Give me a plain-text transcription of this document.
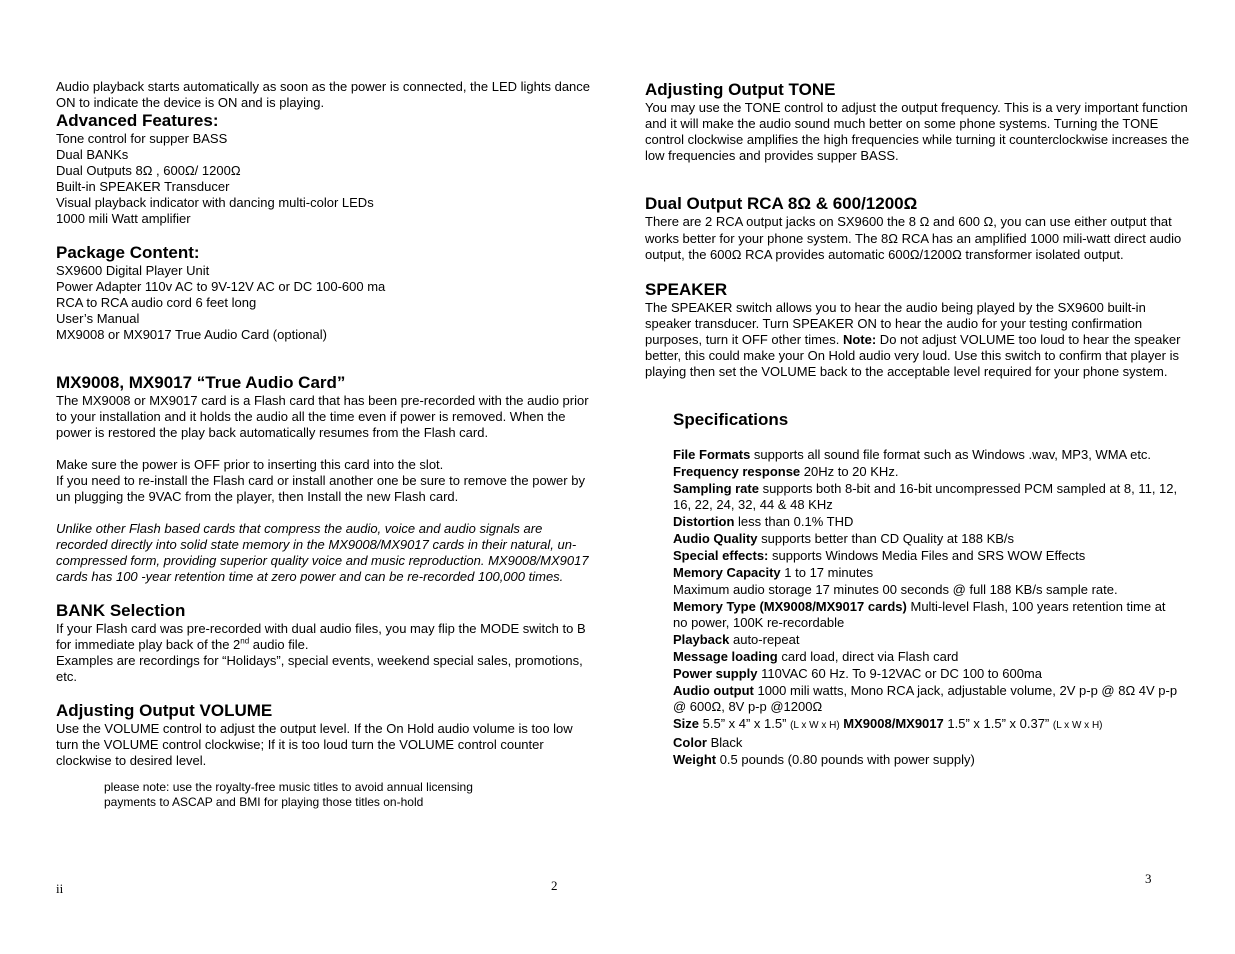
Audio playback starts automatically as soon as the power is connected, the LED lights dance ON to indicate the device is ON and is playing.

Advanced Features:

Tone control for supper BASS

Dual BANKs

Dual Outputs 8Ω , 600Ω/ 1200Ω

Built-in SPEAKER Transducer

Visual playback indicator with dancing multi-color LEDs

1000 mili Watt amplifier

Package Content:

SX9600 Digital Player Unit

Power Adapter 110v AC to 9V-12V AC or DC 100-600 ma

RCA to RCA audio cord 6 feet long

User’s Manual

MX9008 or MX9017 True Audio Card (optional)

MX9008, MX9017 “True Audio Card”

The MX9008 or MX9017 card is a Flash card that has been pre-recorded with the audio prior to your installation and it holds the audio all the time even if power is removed. When the power is restored the play back automatically resumes from the Flash card.

Make sure the power is OFF prior to inserting this card into the slot.

If you need to re-install the Flash card or install another one be sure to remove the power by un plugging the 9VAC from the player, then Install the new Flash card.

Unlike other Flash based cards that compress the audio, voice and audio signals are recorded directly into solid state memory in the MX9008/MX9017 cards in their natural, un-compressed form, providing superior quality voice and music reproduction. MX9008/MX9017 cards has 100 -year retention time at zero power and can be re-recorded 100,000 times.

BANK Selection

If your Flash card was pre-recorded with dual audio files, you may flip the MODE switch to B for immediate play back of the 2nd audio file.

Examples are recordings for “Holidays”, special events, weekend special sales, promotions, etc.

Adjusting Output VOLUME

Use the VOLUME control to adjust the output level. If the On Hold audio volume is too low turn the VOLUME control clockwise; If it is too loud turn the VOLUME control counter clockwise to desired level.

please note: use the royalty-free music titles to avoid annual licensing payments to ASCAP and BMI for playing those titles on-hold

ii	2
Adjusting Output TONE

You may use the TONE control to adjust the output frequency. This is a very important function and it will make the audio sound much better on some phone systems. Turning the TONE control clockwise amplifies the high frequencies while turning it counterclockwise increases the low frequencies and provides supper BASS.

Dual Output RCA 8Ω & 600/1200Ω

There are 2 RCA output jacks on SX9600 the 8 Ω and 600 Ω, you can use either output that works better for your phone system. The 8Ω RCA has an amplified 1000 mili-watt direct audio output, the 600Ω RCA provides automatic 600Ω/1200Ω transformer isolated output.

SPEAKER

The SPEAKER switch allows you to hear the audio being played by the SX9600 built-in speaker transducer. Turn SPEAKER ON to hear the audio for your testing confirmation purposes, turn it OFF other times. Note: Do not adjust VOLUME too loud to hear the speaker better, this could make your On Hold audio very loud. Use this switch to confirm that player is playing then set the VOLUME back to the acceptable level required for your phone system.

Specifications

File Formats supports all sound file format such as Windows .wav, MP3, WMA etc.

Frequency response 20Hz to 20 KHz.

Sampling rate supports both 8-bit and 16-bit uncompressed PCM sampled at 8, 11, 12, 16, 22, 24, 32, 44 & 48 KHz

Distortion less than 0.1% THD

Audio Quality supports better than CD Quality at 188 KB/s

Special effects: supports Windows Media Files and SRS WOW Effects

Memory Capacity 1 to 17 minutes

Maximum audio storage 17 minutes 00 seconds @ full 188 KB/s sample rate.

Memory Type (MX9008/MX9017 cards) Multi-level Flash, 100 years retention time at no power, 100K re-recordable

Playback auto-repeat

Message loading card load, direct via Flash card

Power supply 110VAC 60 Hz. To 9-12VAC or DC 100 to 600ma

Audio output 1000 mili watts, Mono RCA jack, adjustable volume, 2V p-p @ 8Ω 4V p-p @ 600Ω, 8V p-p @1200Ω

Size 5.5” x 4” x 1.5” (L x W x H) MX9008/MX9017 1.5” x 1.5” x 0.37” (L x W x H)

Color Black

Weight 0.5 pounds (0.80 pounds with power supply)

3
